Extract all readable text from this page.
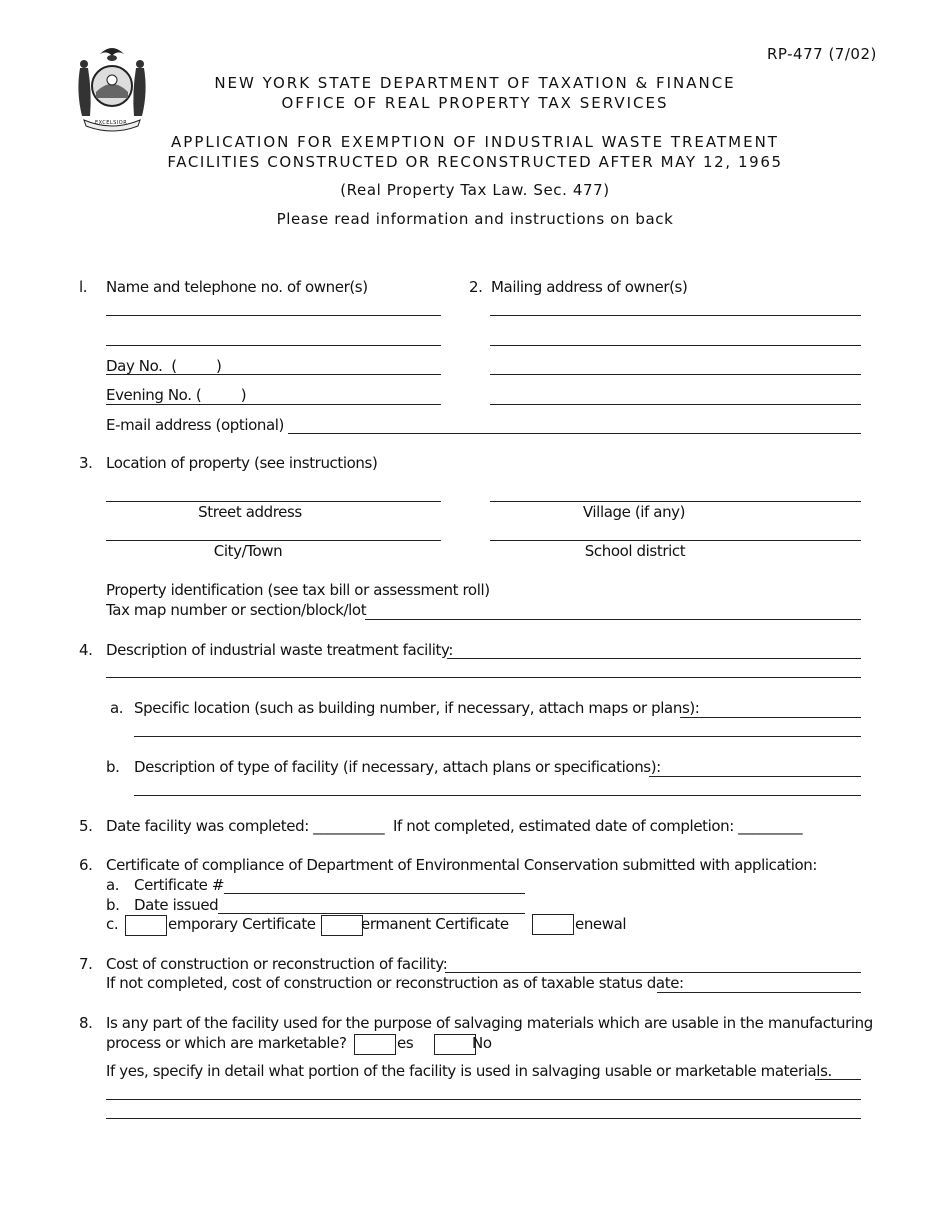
EXCELSIOR
RP-477 (7/02)
NEW YORK STATE DEPARTMENT OF TAXATION & FINANCE
OFFICE OF REAL PROPERTY TAX SERVICES
APPLICATION FOR EXEMPTION OF INDUSTRIAL WASTE TREATMENT
FACILITIES CONSTRUCTED OR RECONSTRUCTED AFTER MAY 12, 1965
(Real Property Tax Law. Sec. 477)
Please read information and instructions on back
l. Name and telephone no. of owner(s)
Day No.  (         )
Evening No. (         )
E-mail address (optional)
2. Mailing address of owner(s)
3. Location of property (see instructions)
Street address	Village (if any)
City/Town	School district
Property identification (see tax bill or assessment roll)
Tax map number or section/block/lot
4. Description of industrial waste treatment facility:
a. Specific location (such as building number, if necessary, attach maps or plans):
b. Description of type of facility (if necessary, attach plans or specifications):
5. Date facility was completed: __________  If not completed, estimated date of completion: _________
6. Certificate of compliance of Department of Environmental Conservation submitted with application:
a. Certificate #
b. Date issued
c.	emporary Certificate	ermanent Certificate	enewal
7. Cost of construction or reconstruction of facility:
If not completed, cost of construction or reconstruction as of taxable status date:
8. Is any part of the facility used for the purpose of salvaging materials which are usable in the manufacturing
process or which are marketable?	es	No
If yes, specify in detail what portion of the facility is used in salvaging usable or marketable materials.
